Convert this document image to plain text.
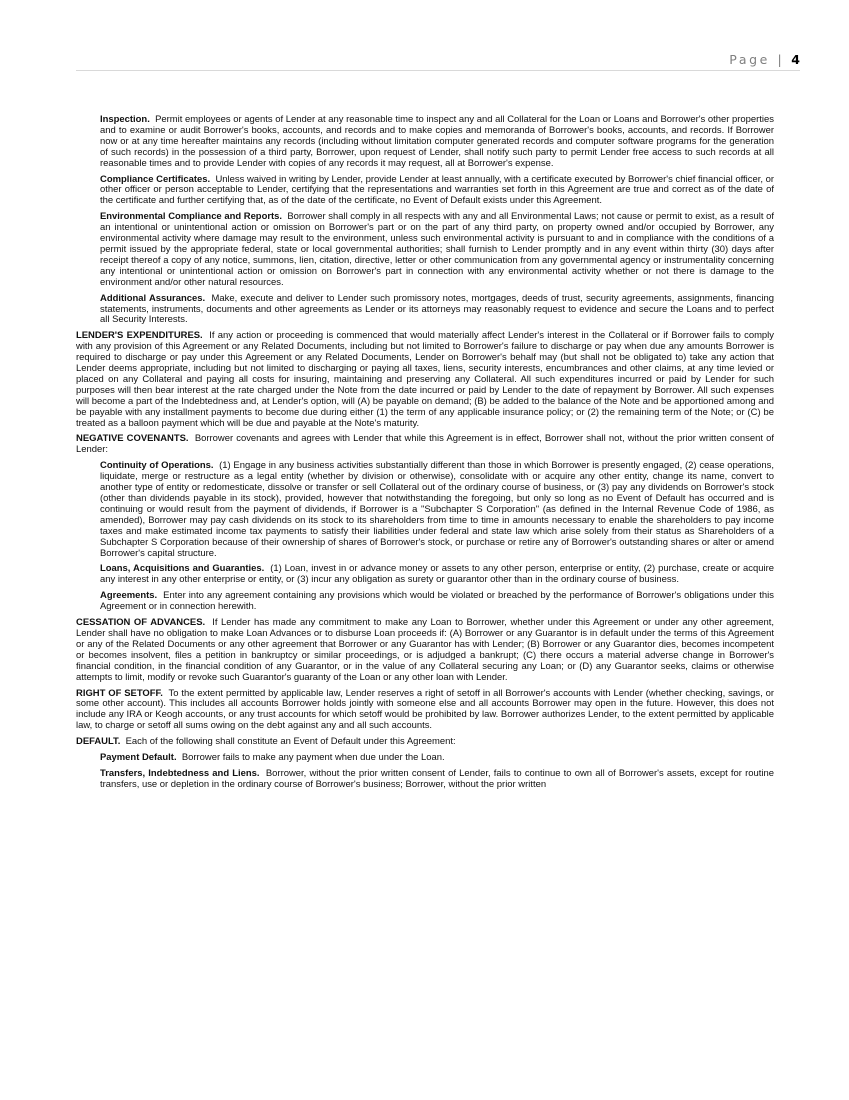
Page | 4

Inspection. Permit employees or agents of Lender at any reasonable time to inspect any and all Collateral for the Loan or Loans and Borrower's other properties and to examine or audit Borrower's books, accounts, and records and to make copies and memoranda of Borrower's books, accounts, and records. If Borrower now or at any time hereafter maintains any records (including without limitation computer generated records and computer software programs for the generation of such records) in the possession of a third party, Borrower, upon request of Lender, shall notify such party to permit Lender free access to such records at all reasonable times and to provide Lender with copies of any records it may request, all at Borrower's expense.

Compliance Certificates. Unless waived in writing by Lender, provide Lender at least annually, with a certificate executed by Borrower's chief financial officer, or other officer or person acceptable to Lender, certifying that the representations and warranties set forth in this Agreement are true and correct as of the date of the certificate and further certifying that, as of the date of the certificate, no Event of Default exists under this Agreement.

Environmental Compliance and Reports. Borrower shall comply in all respects with any and all Environmental Laws; not cause or permit to exist, as a result of an intentional or unintentional action or omission on Borrower's part or on the part of any third party, on property owned and/or occupied by Borrower, any environmental activity where damage may result to the environment, unless such environmental activity is pursuant to and in compliance with the conditions of a permit issued by the appropriate federal, state or local governmental authorities; shall furnish to Lender promptly and in any event within thirty (30) days after receipt thereof a copy of any notice, summons, lien, citation, directive, letter or other communication from any governmental agency or instrumentality concerning any intentional or unintentional action or omission on Borrower's part in connection with any environmental activity whether or not there is damage to the environment and/or other natural resources.

Additional Assurances. Make, execute and deliver to Lender such promissory notes, mortgages, deeds of trust, security agreements, assignments, financing statements, instruments, documents and other agreements as Lender or its attorneys may reasonably request to evidence and secure the Loans and to perfect all Security Interests.

LENDER'S EXPENDITURES. If any action or proceeding is commenced that would materially affect Lender's interest in the Collateral or if Borrower fails to comply with any provision of this Agreement or any Related Documents, including but not limited to Borrower's failure to discharge or pay when due any amounts Borrower is required to discharge or pay under this Agreement or any Related Documents, Lender on Borrower's behalf may (but shall not be obligated to) take any action that Lender deems appropriate, including but not limited to discharging or paying all taxes, liens, security interests, encumbrances and other claims, at any time levied or placed on any Collateral and paying all costs for insuring, maintaining and preserving any Collateral. All such expenditures incurred or paid by Lender for such purposes will then bear interest at the rate charged under the Note from the date incurred or paid by Lender to the date of repayment by Borrower. All such expenses will become a part of the Indebtedness and, at Lender's option, will (A) be payable on demand; (B) be added to the balance of the Note and be apportioned among and be payable with any installment payments to become due during either (1) the term of any applicable insurance policy; or (2) the remaining term of the Note; or (C) be treated as a balloon payment which will be due and payable at the Note's maturity.

NEGATIVE COVENANTS. Borrower covenants and agrees with Lender that while this Agreement is in effect, Borrower shall not, without the prior written consent of Lender:

Continuity of Operations. (1) Engage in any business activities substantially different than those in which Borrower is presently engaged, (2) cease operations, liquidate, merge or restructure as a legal entity (whether by division or otherwise), consolidate with or acquire any other entity, change its name, convert to another type of entity or redomesticate, dissolve or transfer or sell Collateral out of the ordinary course of business, or (3) pay any dividends on Borrower's stock (other than dividends payable in its stock), provided, however that notwithstanding the foregoing, but only so long as no Event of Default has occurred and is continuing or would result from the payment of dividends, if Borrower is a "Subchapter S Corporation" (as defined in the Internal Revenue Code of 1986, as amended), Borrower may pay cash dividends on its stock to its shareholders from time to time in amounts necessary to enable the shareholders to pay income taxes and make estimated income tax payments to satisfy their liabilities under federal and state law which arise solely from their status as Shareholders of a Subchapter S Corporation because of their ownership of shares of Borrower's stock, or purchase or retire any of Borrower's outstanding shares or alter or amend Borrower's capital structure.

Loans, Acquisitions and Guaranties. (1) Loan, invest in or advance money or assets to any other person, enterprise or entity, (2) purchase, create or acquire any interest in any other enterprise or entity, or (3) incur any obligation as surety or guarantor other than in the ordinary course of business.

Agreements. Enter into any agreement containing any provisions which would be violated or breached by the performance of Borrower's obligations under this Agreement or in connection herewith.

CESSATION OF ADVANCES. If Lender has made any commitment to make any Loan to Borrower, whether under this Agreement or under any other agreement, Lender shall have no obligation to make Loan Advances or to disburse Loan proceeds if: (A) Borrower or any Guarantor is in default under the terms of this Agreement or any of the Related Documents or any other agreement that Borrower or any Guarantor has with Lender; (B) Borrower or any Guarantor dies, becomes incompetent or becomes insolvent, files a petition in bankruptcy or similar proceedings, or is adjudged a bankrupt; (C) there occurs a material adverse change in Borrower's financial condition, in the financial condition of any Guarantor, or in the value of any Collateral securing any Loan; or (D) any Guarantor seeks, claims or otherwise attempts to limit, modify or revoke such Guarantor's guaranty of the Loan or any other loan with Lender.

RIGHT OF SETOFF. To the extent permitted by applicable law, Lender reserves a right of setoff in all Borrower's accounts with Lender (whether checking, savings, or some other account). This includes all accounts Borrower holds jointly with someone else and all accounts Borrower may open in the future. However, this does not include any IRA or Keogh accounts, or any trust accounts for which setoff would be prohibited by law. Borrower authorizes Lender, to the extent permitted by applicable law, to charge or setoff all sums owing on the debt against any and all such accounts.

DEFAULT. Each of the following shall constitute an Event of Default under this Agreement:

Payment Default. Borrower fails to make any payment when due under the Loan.

Transfers, Indebtedness and Liens. Borrower, without the prior written consent of Lender, fails to continue to own all of Borrower's assets, except for routine transfers, use or depletion in the ordinary course of Borrower's business; Borrower, without the prior written
